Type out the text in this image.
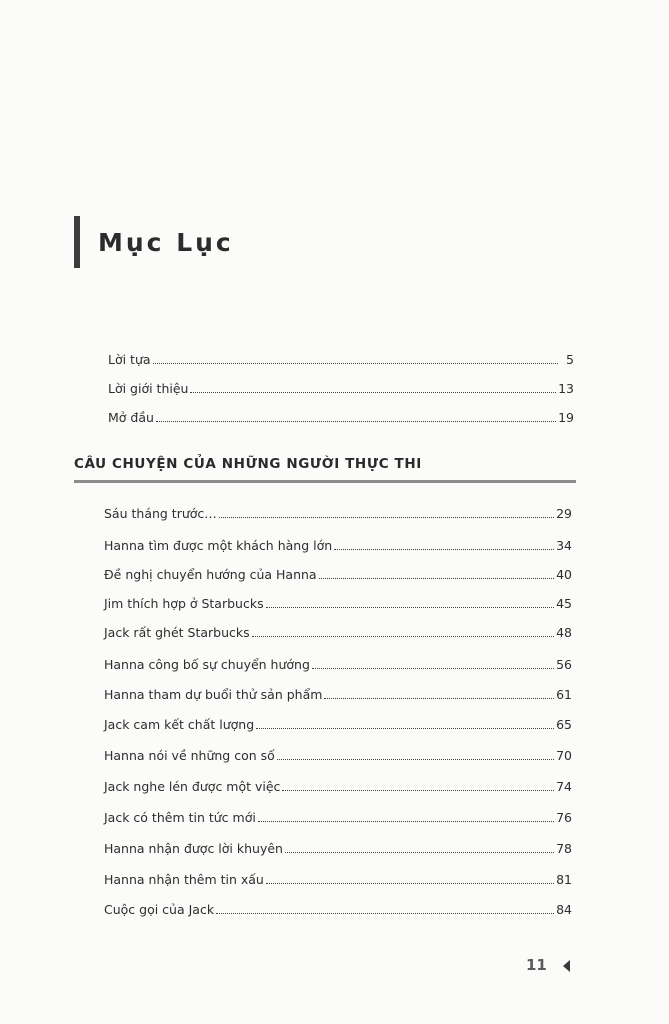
Mục Lục
Lời tựa	5
Lời giới thiệu	13
Mở đầu	19
CÂU CHUYỆN CỦA NHỮNG NGƯỜI THỰC THI
Sáu tháng trước…	29
Hanna tìm được một khách hàng lớn	34
Đề nghị chuyển hướng của Hanna	40
Jim thích hợp ở Starbucks	45
Jack rất ghét Starbucks	48
Hanna công bố sự chuyển hướng	56
Hanna tham dự buổi thử sản phẩm	61
Jack cam kết chất lượng	65
Hanna nói về những con số	70
Jack nghe lén được một việc	74
Jack có thêm tin tức mới	76
Hanna nhận được lời khuyên	78
Hanna nhận thêm tin xấu	81
Cuộc gọi của Jack	84
11
